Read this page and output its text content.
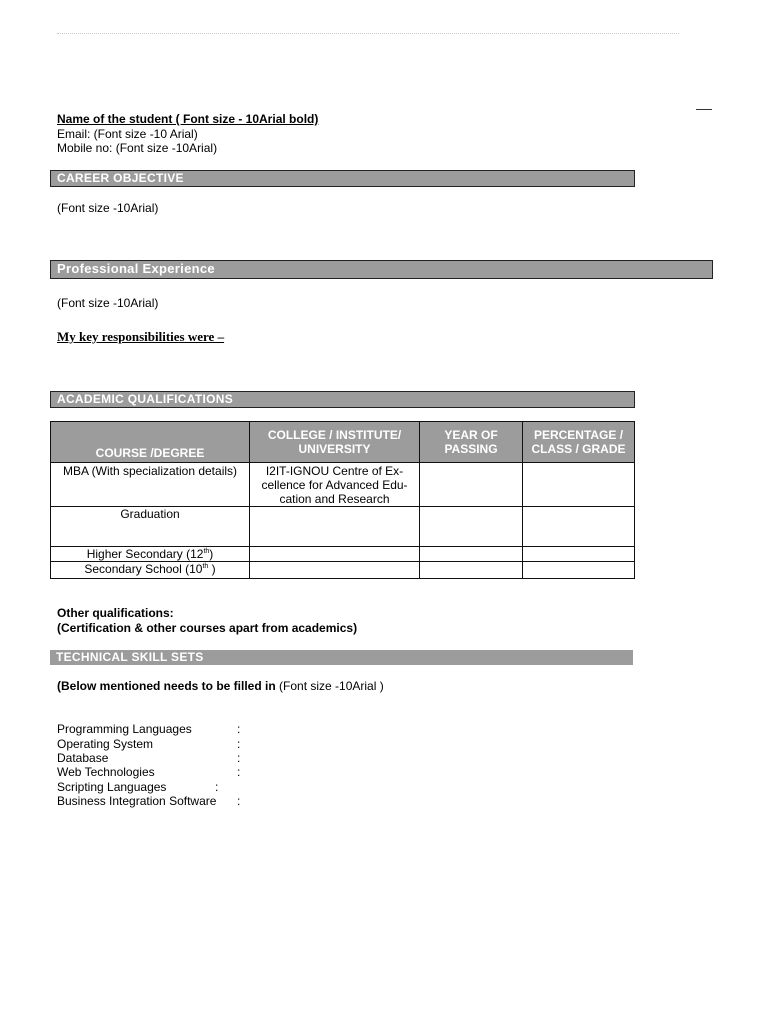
Name of the student ( Font size - 10Arial bold)
Email: (Font size -10 Arial)
Mobile no: (Font size -10Arial)
CAREER OBJECTIVE
(Font size -10Arial)
Professional Experience
(Font size -10Arial)
My key responsibilities were –
ACADEMIC QUALIFICATIONS
COURSE /DEGREE	COLLEGE / INSTITUTE/ UNIVERSITY	YEAR OF PASSING	PERCENTAGE / CLASS / GRADE
MBA (With specialization details)	I2IT-IGNOU Centre of Ex-cellence for Advanced Edu-cation and Research		
Graduation			
Higher Secondary (12th)			
Secondary School (10th )			
Other qualifications:
(Certification & other courses apart from academics)
TECHNICAL SKILL SETS
(Below mentioned needs to be filled in (Font size -10Arial )
Programming Languages	:
Operating System	:
Database	:
Web Technologies	:
Scripting Languages	:
Business Integration Software :
